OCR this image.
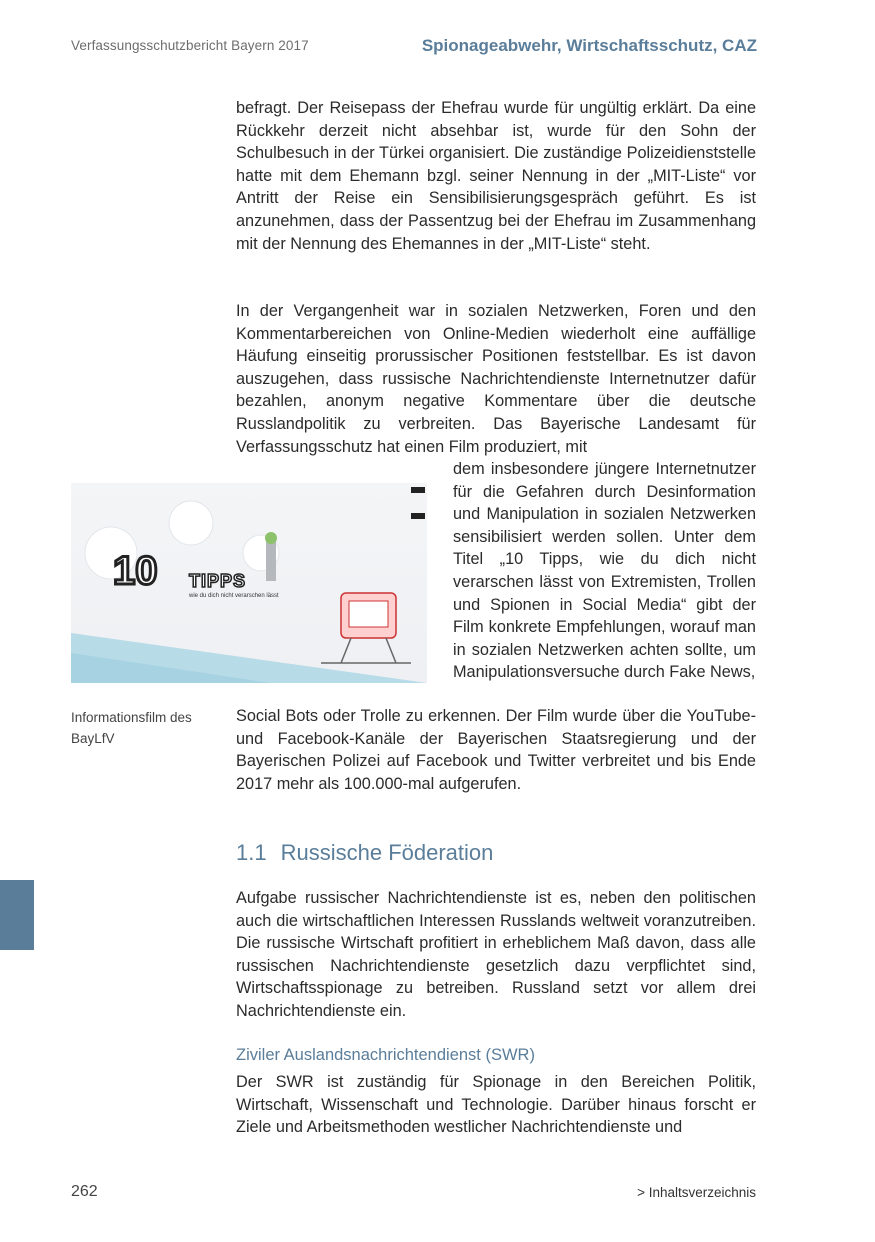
Verfassungsschutzbericht Bayern 2017	Spionageabwehr, Wirtschaftsschutz, CAZ

befragt. Der Reisepass der Ehefrau wurde für ungültig erklärt. Da eine Rückkehr derzeit nicht absehbar ist, wurde für den Sohn der Schulbesuch in der Türkei organisiert. Die zuständige Polizeidienststelle hatte mit dem Ehemann bzgl. seiner Nennung in der „MIT-Liste“ vor Antritt der Reise ein Sensibilisierungsgespräch geführt. Es ist anzunehmen, dass der Passentzug bei der Ehefrau im Zusammenhang mit der Nennung des Ehemannes in der „MIT-Liste“ steht.

In der Vergangenheit war in sozialen Netzwerken, Foren und den Kommentarbereichen von Online-Medien wiederholt eine auffällige Häufung einseitig prorussischer Positionen feststellbar. Es ist davon auszugehen, dass russische Nachrichtendienste Internetnutzer dafür bezahlen, anonym negative Kommentare über die deutsche Russlandpolitik zu verbreiten. Das Bayerische Landesamt für Verfassungsschutz hat einen Film produziert, mit

dem insbesondere jüngere Internetnutzer für die Gefahren durch Desinformation und Manipulation in sozialen Netzwerken sensibilisiert werden sollen. Unter dem Titel „10 Tipps, wie du dich nicht verarschen lässt von Extremisten, Trollen und Spionen in Social Media“ gibt der Film konkrete Empfehlungen, worauf man in sozialen Netzwerken achten sollte, um Manipulationsversuche durch Fake News,

10 TIPPS
wie du dich nicht verarschen lässt
Informationsfilm des BayLfV

Social Bots oder Trolle zu erkennen. Der Film wurde über die YouTube- und Facebook-Kanäle der Bayerischen Staatsregierung und der Bayerischen Polizei auf Facebook und Twitter verbreitet und bis Ende 2017 mehr als 100.000-mal aufgerufen.

1.1 Russische Föderation

Aufgabe russischer Nachrichtendienste ist es, neben den politischen auch die wirtschaftlichen Interessen Russlands weltweit voranzutreiben. Die russische Wirtschaft profitiert in erheblichem Maß davon, dass alle russischen Nachrichtendienste gesetzlich dazu verpflichtet sind, Wirtschaftsspionage zu betreiben. Russland setzt vor allem drei Nachrichtendienste ein.

Ziviler Auslandsnachrichtendienst (SWR)

Der SWR ist zuständig für Spionage in den Bereichen Politik, Wirtschaft, Wissenschaft und Technologie. Darüber hinaus forscht er Ziele und Arbeitsmethoden westlicher Nachrichtendienste und

262	> Inhaltsverzeichnis
